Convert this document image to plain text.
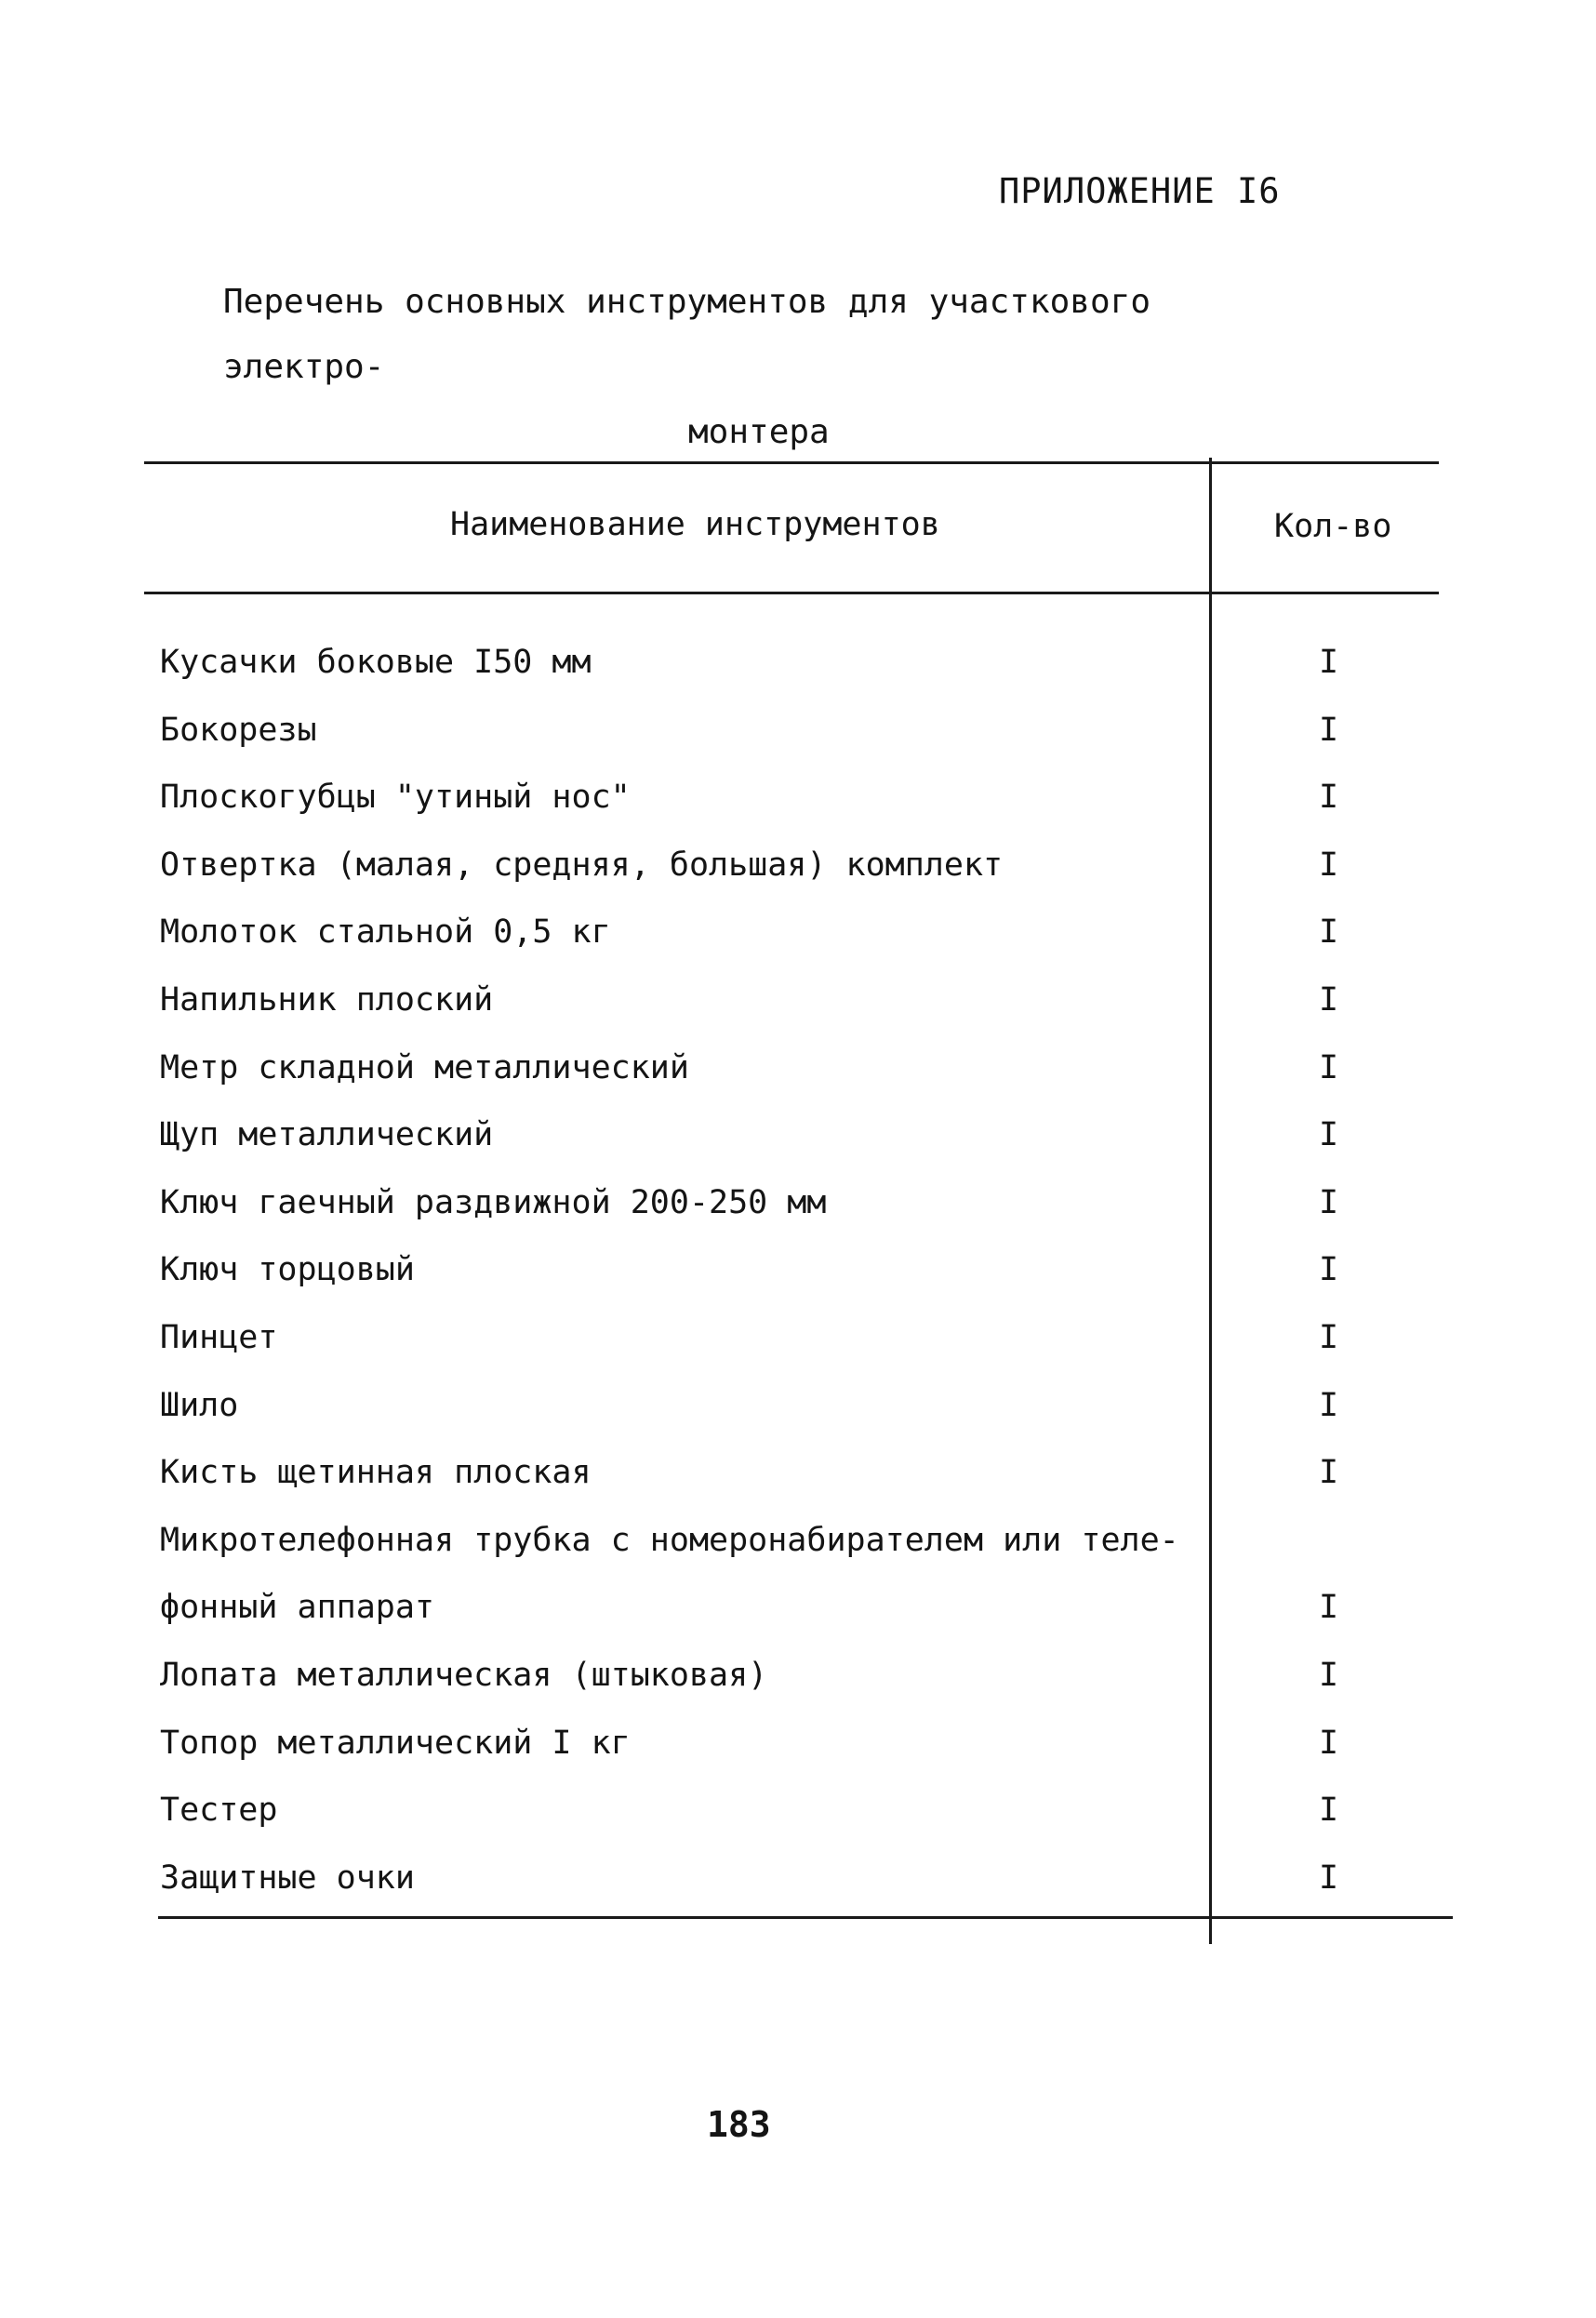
ПРИЛОЖЕНИЕ I6
Перечень основных инструментов для участкового электро-
монтера
Наименование инструментов	Кол-во
Кусачки боковые I50 мм	I
Бокорезы	I
Плоскогубцы "утиный нос"	I
Отвертка (малая, средняя, большая) комплект	I
Молоток стальной 0,5 кг	I
Напильник плоский	I
Метр складной металлический	I
Щуп металлический	I
Ключ гаечный раздвижной 200-250 мм	I
Ключ торцовый	I
Пинцет	I
Шило	I
Кисть щетинная плоская	I
Микротелефонная трубка с номеронабирателем или теле-
фонный аппарат	I
Лопата металлическая (штыковая)	I
Топор металлический I кг	I
Тестер	I
Защитные очки	I
183
